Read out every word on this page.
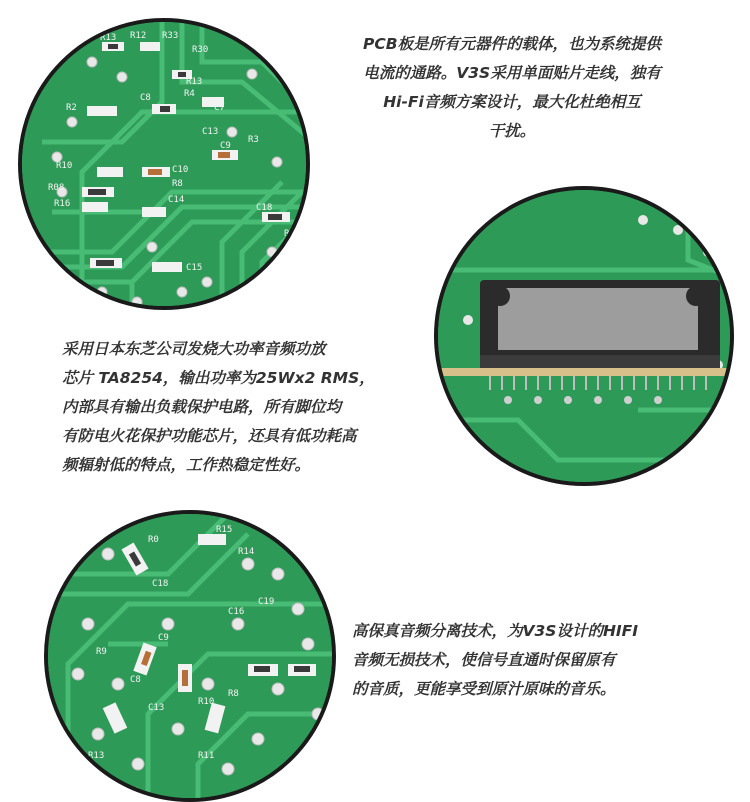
R13 R12 R33
R30
R13
R4
R2
C8
C7
C13
R3
C9
R10
R08
C10
R8
R16	C14
C18
R0
C15
R15
R14
R0
C18
C19
C16
R9
C9
C8
R10
R8
C13
R13	R11
C8
PCB板是所有元器件的载体，也为系统提供
电流的通路。V3S采用单面贴片走线，独有
Hi-Fi音频方案设计，最大化杜绝相互
干扰。
采用日本东芝公司发烧大功率音频功放
芯片 TA8254，输出功率为25Wx2 RMS，
内部具有输出负载保护电路，所有脚位均
有防电火花保护功能芯片，还具有低功耗高
频辐射低的特点，工作热稳定性好。
高保真音频分离技术，为V3S设计的HIFI
音频无损技术，使信号直通时保留原有
的音质，更能享受到原汁原味的音乐。
